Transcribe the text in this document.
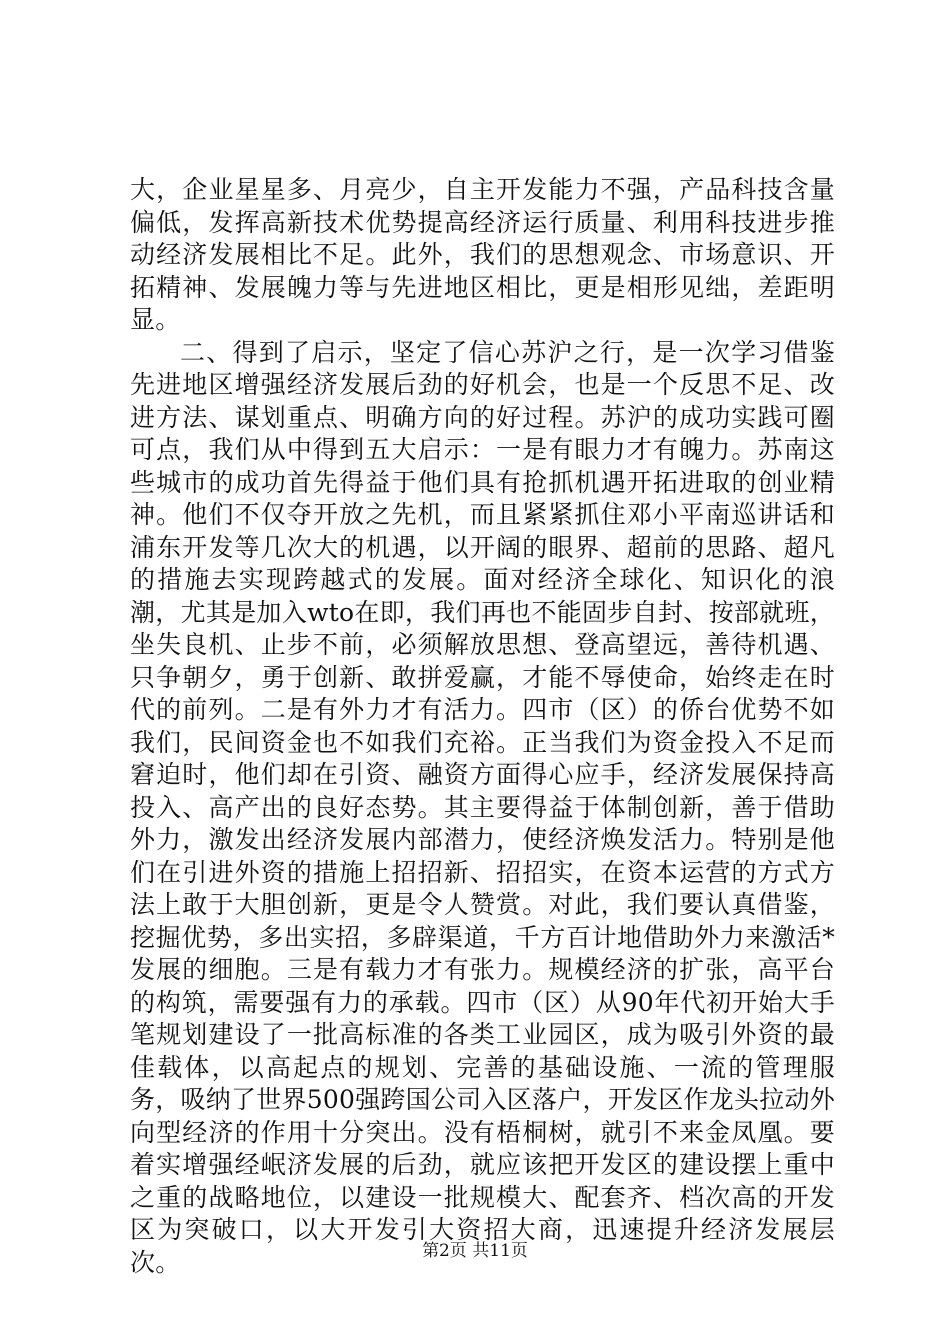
大，企业星星多、月亮少，自主开发能力不强，产品科技含量偏低，发挥高新技术优势提高经济运行质量、利用科技进步推动经济发展相比不足。此外，我们的思想观念、市场意识、开拓精神、发展魄力等与先进地区相比，更是相形见绌，差距明显。

二、得到了启示，坚定了信心苏沪之行，是一次学习借鉴先进地区增强经济发展后劲的好机会，也是一个反思不足、改进方法、谋划重点、明确方向的好过程。苏沪的成功实践可圈可点，我们从中得到五大启示：一是有眼力才有魄力。苏南这些城市的成功首先得益于他们具有抢抓机遇开拓进取的创业精神。他们不仅夺开放之先机，而且紧紧抓住邓小平南巡讲话和浦东开发等几次大的机遇，以开阔的眼界、超前的思路、超凡的措施去实现跨越式的发展。面对经济全球化、知识化的浪潮，尤其是加入wto在即，我们再也不能固步自封、按部就班，坐失良机、止步不前，必须解放思想、登高望远，善待机遇、只争朝夕，勇于创新、敢拼爱赢，才能不辱使命，始终走在时代的前列。二是有外力才有活力。四市（区）的侨台优势不如我们，民间资金也不如我们充裕。正当我们为资金投入不足而窘迫时，他们却在引资、融资方面得心应手，经济发展保持高投入、高产出的良好态势。其主要得益于体制创新，善于借助外力，激发出经济发展内部潜力，使经济焕发活力。特别是他们在引进外资的措施上招招新、招招实，在资本运营的方式方法上敢于大胆创新，更是令人赞赏。对此，我们要认真借鉴，挖掘优势，多出实招，多辟渠道，千方百计地借助外力来激活*发展的细胞。三是有载力才有张力。规模经济的扩张，高平台的构筑，需要强有力的承载。四市（区）从90年代初开始大手笔规划建设了一批高标准的各类工业园区，成为吸引外资的最佳载体，以高起点的规划、完善的基础设施、一流的管理服务，吸纳了世界500强跨国公司入区落户，开发区作龙头拉动外向型经济的作用十分突出。没有梧桐树，就引不来金凤凰。要着实增强经岷济发展的后劲，就应该把开发区的建设摆上重中之重的战略地位，以建设一批规模大、配套齐、档次高的开发区为突破口，以大开发引大资招大商，迅速提升经济发展层次。	第2页 共11页
